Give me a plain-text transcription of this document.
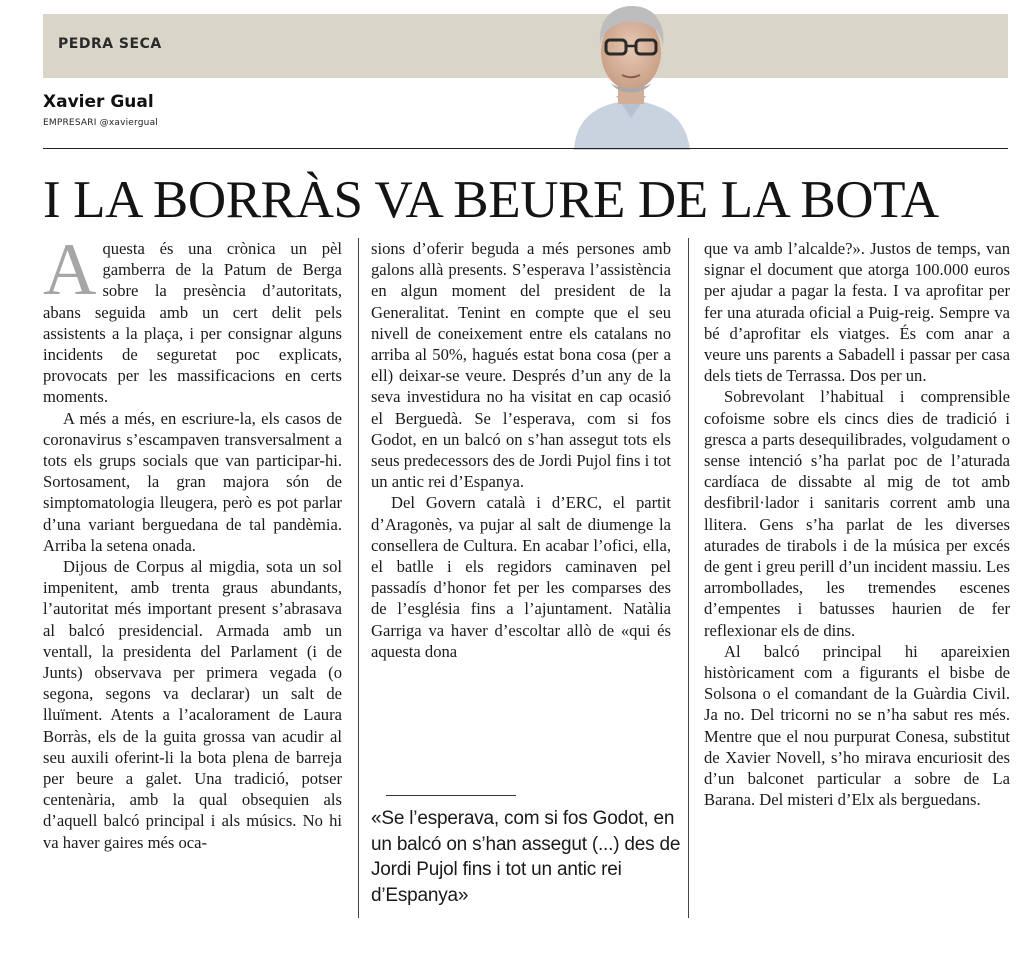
PEDRA SECA
Xavier Gual
EMPRESARI @xaviergual
I LA BORRÀS VA BEURE DE LA BOTA
A questa és una crònica un pèl gamberra de la Patum de Berga sobre la presència d’autoritats, abans seguida amb un cert delit pels assistents a la plaça, i per consignar alguns incidents de seguretat poc explicats, provocats per les massificacions en certs moments.

A més a més, en escriure-la, els casos de coronavirus s’escampaven transversalment a tots els grups socials que van participar-hi. Sortosament, la gran majora són de simptomatologia lleugera, però es pot parlar d’una variant berguedana de tal pandèmia. Arriba la setena onada.

Dijous de Corpus al migdia, sota un sol impenitent, amb trenta graus abundants, l’autoritat més important present s’abrasava al balcó presidencial. Armada amb un ventall, la presidenta del Parlament (i de Junts) observava per primera vegada (o segona, segons va declarar) un salt de lluïment. Atents a l’acalorament de Laura Borràs, els de la guita grossa van acudir al seu auxili oferint-li la bota plena de barreja per beure a galet. Una tradició, potser centenària, amb la qual obsequien als d’aquell balcó principal i als músics. No hi va haver gaires més oca-

sions d’oferir beguda a més persones amb galons allà presents. S’esperava l’assistència en algun moment del president de la Generalitat. Tenint en compte que el seu nivell de coneixement entre els catalans no arriba al 50%, hagués estat bona cosa (per a ell) deixar-se veure. Després d’un any de la seva investidura no ha visitat en cap ocasió el Berguedà. Se l’esperava, com si fos Godot, en un balcó on s’han assegut tots els seus predecessors des de Jordi Pujol fins i tot un antic rei d’Espanya.

Del Govern català i d’ERC, el partit d’Aragonès, va pujar al salt de diumenge la consellera de Cultura. En acabar l’ofici, ella, el batlle i els regidors caminaven pel passadís d’honor fet per les comparses des de l’església fins a l’ajuntament. Natàlia Garriga va haver d’escoltar allò de «qui és aquesta dona

«Se l’esperava, com si fos Godot, en un balcó on s’han assegut (...) des de Jordi Pujol fins i tot un antic rei d’Espanya»

que va amb l’alcalde?». Justos de temps, van signar el document que atorga 100.000 euros per ajudar a pagar la festa. I va aprofitar per fer una aturada oficial a Puig-reig. Sempre va bé d’aprofitar els viatges. És com anar a veure uns parents a Sabadell i passar per casa dels tiets de Terrassa. Dos per un.

Sobrevolant l’habitual i comprensible cofoisme sobre els cincs dies de tradició i gresca a parts desequilibrades, volgudament o sense intenció s’ha parlat poc de l’aturada cardíaca de dissabte al mig de tot amb desfibril·lador i sanitaris corrent amb una llitera. Gens s’ha parlat de les diverses aturades de tirabols i de la música per excés de gent i greu perill d’un incident massiu. Les arrombollades, les tremendes escenes d’empentes i batusses haurien de fer reflexionar els de dins.

Al balcó principal hi apareixien històricament com a figurants el bisbe de Solsona o el comandant de la Guàrdia Civil. Ja no. Del tricorni no se n’ha sabut res més. Mentre que el nou purpurat Conesa, substitut de Xavier Novell, s’ho mirava encuriosit des d’un balconet particular a sobre de La Barana. Del misteri d’Elx als berguedans.
